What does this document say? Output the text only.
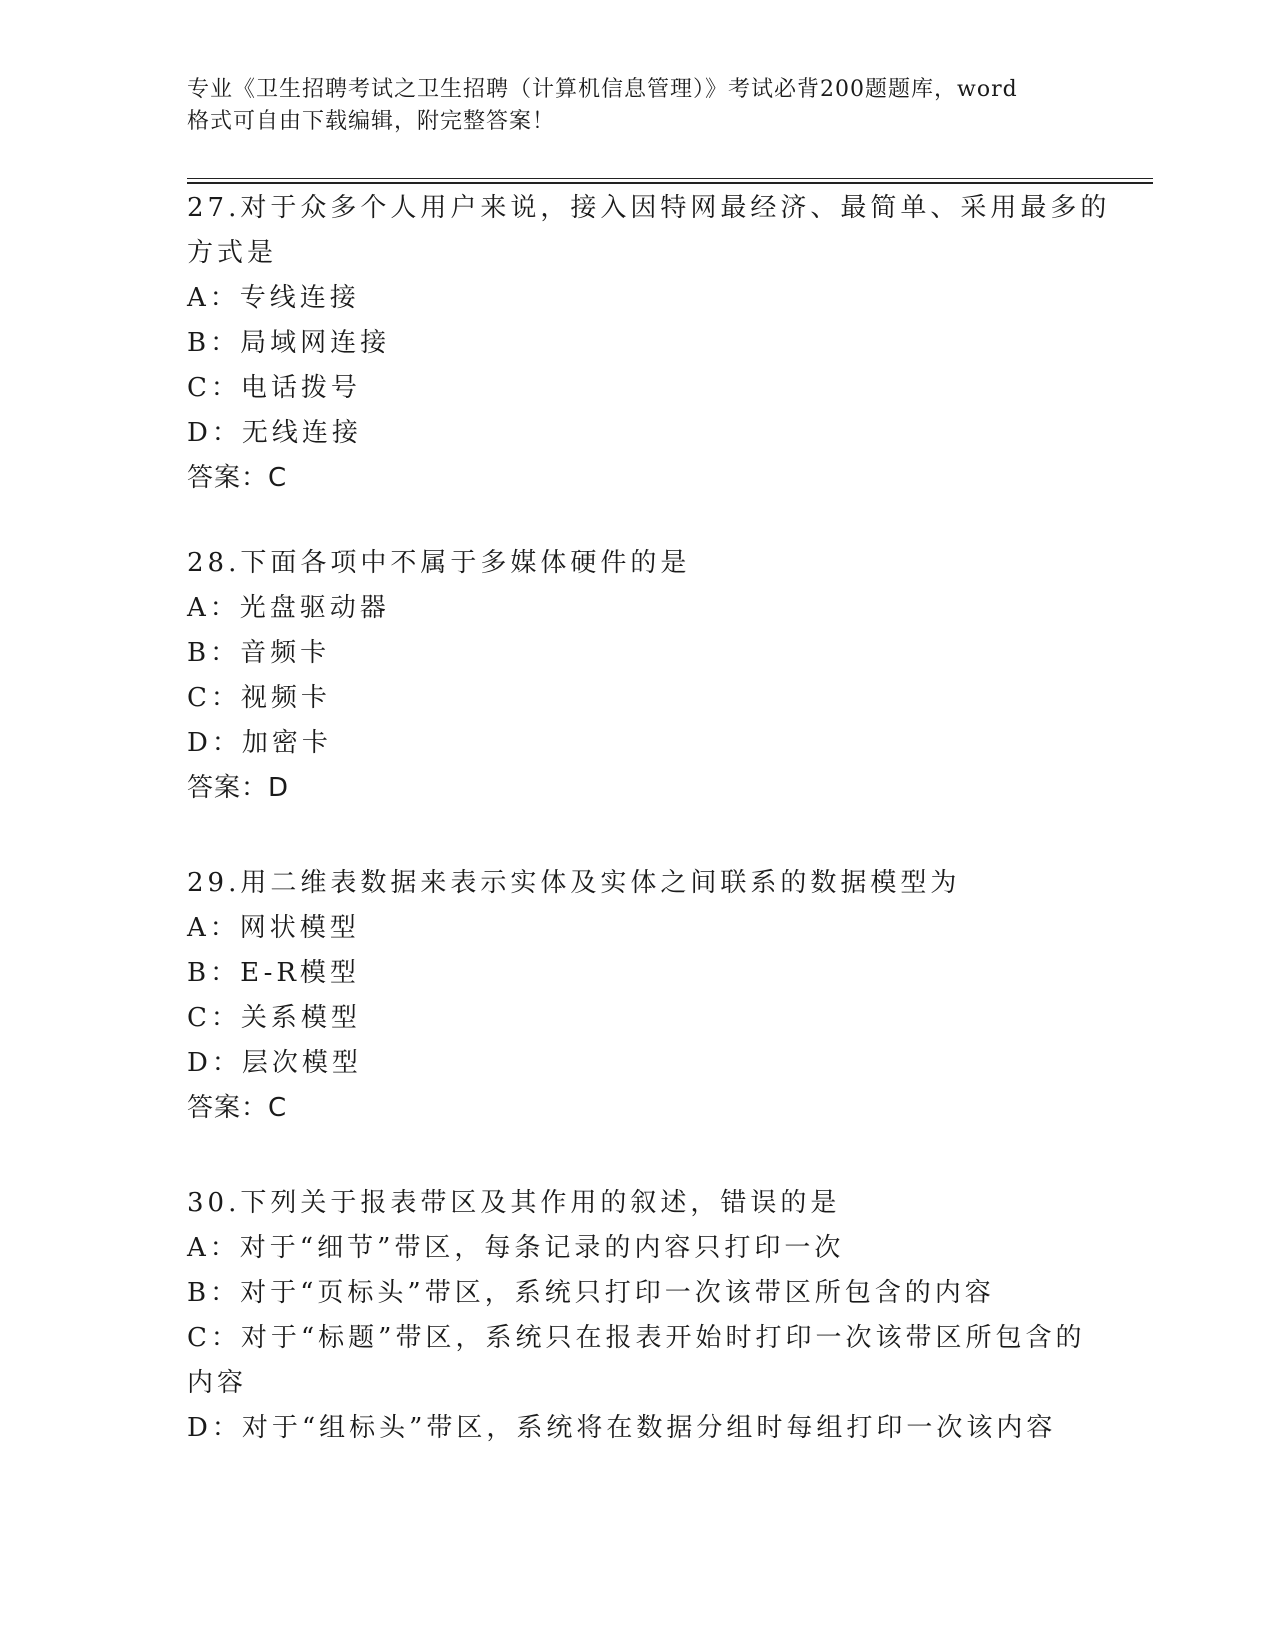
专业《卫生招聘考试之卫生招聘（计算机信息管理）》考试必背200题题库，word
格式可自由下载编辑，附完整答案！
27.对于众多个人用户来说，接入因特网最经济、最简单、采用最多的
方式是
A：专线连接
B：局域网连接
C：电话拨号
D：无线连接
答案：C
28.下面各项中不属于多媒体硬件的是
A：光盘驱动器
B：音频卡
C：视频卡
D：加密卡
答案：D
29.用二维表数据来表示实体及实体之间联系的数据模型为
A：网状模型
B：E-R模型
C：关系模型
D：层次模型
答案：C
30.下列关于报表带区及其作用的叙述，错误的是
A：对于“细节”带区，每条记录的内容只打印一次
B：对于“页标头”带区，系统只打印一次该带区所包含的内容
C：对于“标题”带区，系统只在报表开始时打印一次该带区所包含的
内容
D：对于“组标头”带区，系统将在数据分组时每组打印一次该内容
